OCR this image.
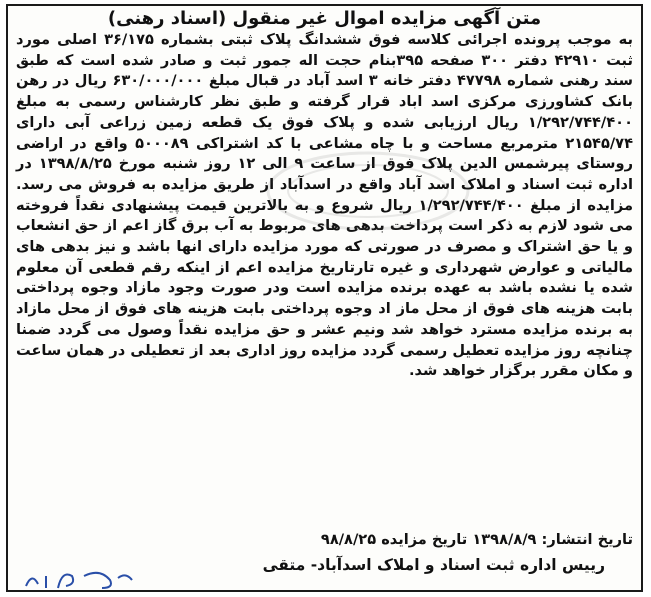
متن آگهی مزایده اموال غیر منقول (اسناد رهنی)
به موجب پرونده اجرائی کلاسه فوق ششدانگ پلاک ثبتی بشماره ۳۶/۱۷۵ اصلی مورد ثبت ۴۲۹۱۰ دفتر ۳۰۰ صفحه ۳۹۵بنام حجت اله جمور ثبت و صادر شده است که طبق سند رهنی شماره ۴۷۷۹۸ دفتر خانه ۳ اسد آباد در قبال مبلغ ۶۳۰/۰۰۰/۰۰۰ ریال در رهن بانک کشاورزی مرکزی اسد اباد قرار گرفته و طبق نظر کارشناس رسمی به مبلغ ۱/۲۹۲/۷۴۴/۴۰۰ ریال ارزیابی شده و پلاک فوق یک قطعه زمین زراعی آبی دارای ۲۱۵۴۵/۷۴ مترمربع مساحت و با چاه مشاعی با کد اشتراکی ۵۰۰۰۸۹ واقع در اراضی روستای پیرشمس الدین پلاک فوق از ساعت ۹ الی ۱۲ روز شنبه مورخ ۱۳۹۸/۸/۲۵ در اداره ثبت اسناد و املاک اسد آباد واقع در اسدآباد از طریق مزایده به فروش می رسد. مزایده از مبلغ ۱/۲۹۲/۷۴۴/۴۰۰ ریال شروع و به بالاترین قیمت پیشنهادی نقداً فروخته می شود لازم به ذکر است پرداخت بدهی های مربوط به آب برق گاز اعم از حق انشعاب و یا حق اشتراک و مصرف در صورتی که مورد مزایده دارای انها باشد و نیز بدهی های مالیاتی و عوارض شهرداری و غیره تارتاریخ مزایده اعم از اینکه رقم قطعی آن معلوم شده یا نشده باشد به عهده برنده مزایده است ودر صورت وجود مازاد وجوه پرداختی بابت هزینه های فوق از محل ماز اد وجوه پرداختی بابت هزینه های فوق از محل مازاد به برنده مزایده مسترد خواهد شد ونیم عشر و حق مزایده نقداً وصول می گردد ضمنا چنانچه روز مزایده تعطیل رسمی گردد مزایده روز اداری بعد از تعطیلی در همان ساعت و مکان مقرر برگزار خواهد شد.
تاریخ انتشار: ۱۳۹۸/۸/۹ تاریخ مزایده ۹۸/۸/۲۵
رییس اداره ثبت اسناد و املاک اسدآباد- متقی
